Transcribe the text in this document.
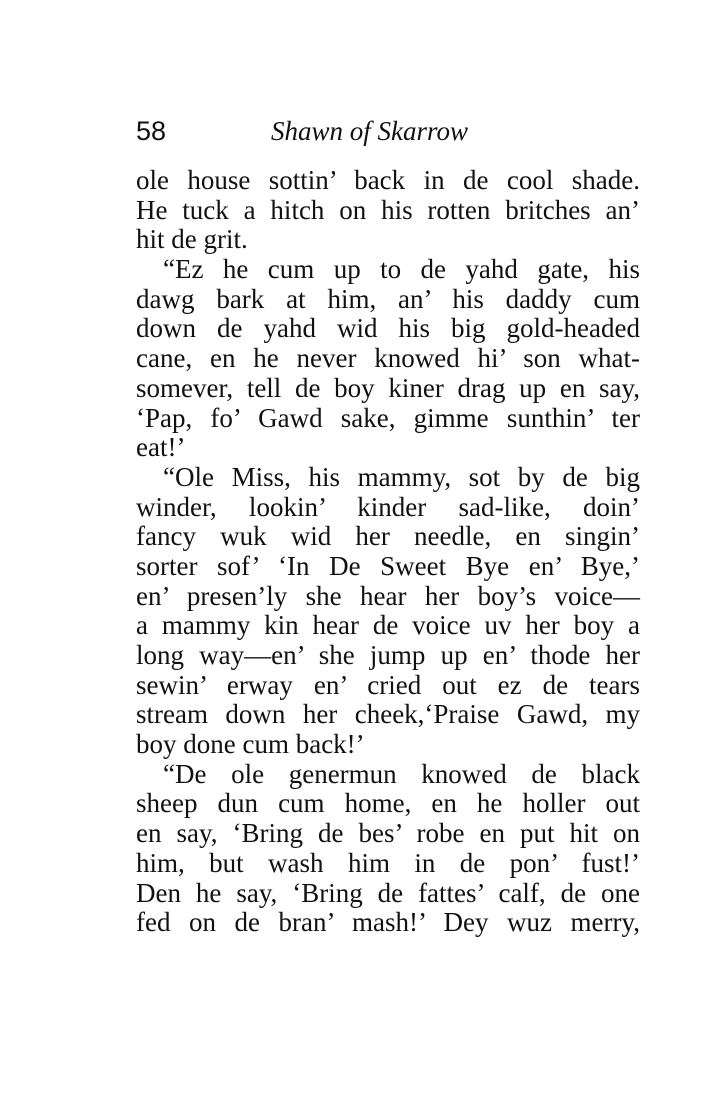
58	Shawn of Skarrow
ole house sottin’ back in de cool shade.
He tuck a hitch on his rotten britches an’
hit de grit.
“Ez he cum up to de yahd gate, his
dawg bark at him, an’ his daddy cum
down de yahd wid his big gold-headed
cane, en he never knowed hi’ son what-
somever, tell de boy kiner drag up en say,
‘Pap, fo’ Gawd sake, gimme sunthin’ ter
eat!’
“Ole Miss, his mammy, sot by de big
winder, lookin’ kinder sad-like, doin’
fancy wuk wid her needle, en singin’
sorter sof’ ‘In De Sweet Bye en’ Bye,’
en’ presen’ly she hear her boy’s voice—
a mammy kin hear de voice uv her boy a
long way—en’ she jump up en’ thode her
sewin’ erway en’ cried out ez de tears
stream down her cheek,‘Praise Gawd, my
boy done cum back!’
“De ole genermun knowed de black
sheep dun cum home, en he holler out
en say, ‘Bring de bes’ robe en put hit on
him, but wash him in de pon’ fust!’
Den he say, ‘Bring de fattes’ calf, de one
fed on de bran’ mash!’ Dey wuz merry,
